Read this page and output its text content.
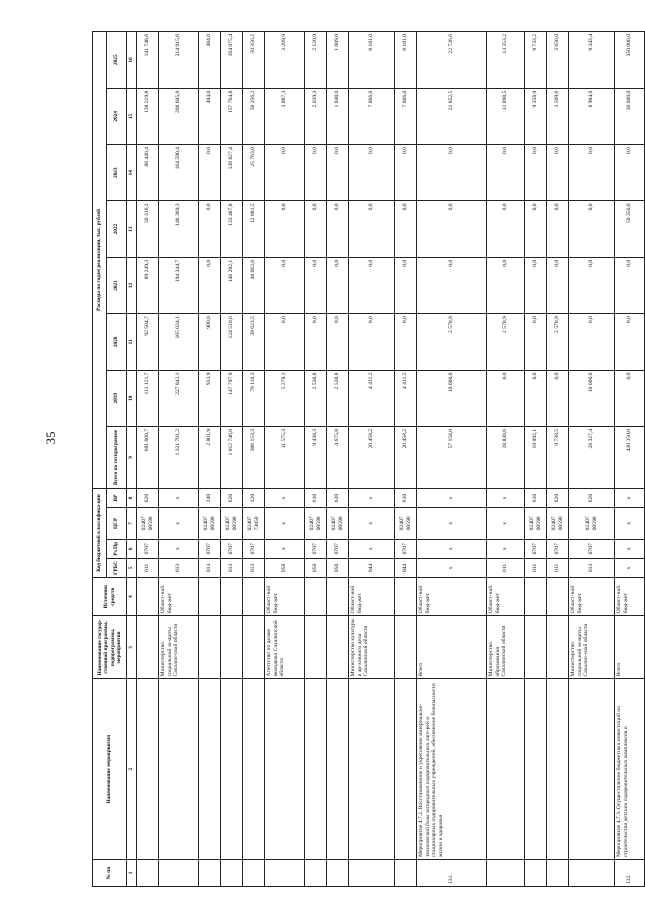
35
№ пп	Наименование мероприятия	Наименование государ-ственной программы, подпрограммы, мероприятия	Источник средств	Код бюджетной классифика-ции				Расходы по годам реализации, тыс. рублей							
				ГРБС	Рз Пр	ЦСР	ВР	Всего по госпрограмме	2019	2020	2021	2022	2023	2024	2025
1	2	3	4	5	6	7	8	9	10	11	12	13	14	15	16
				011	0707	02407 00590	620	681 600,7	111 121,7	92 504,7	89 249,3	20 316,2	88 440,4	138 219,8	141 748,6
		Министерство социальной за-щиты Сахалин-ской области	Област-ной бюд-жет	013	x	x	x	1 321 701,2	227 842,1	165 034,1	194 344,7	146 369,3	164 590,4	208 605,0	214 915,6
				013	0707	02407 00590	240	2 801,9	933,9	900,0	0,0	0,0	0,0	484,0	484,0
				013	0707	02407 00590	620	1 012 746,0	147 797,9	124 510,6	146 282,1	133 487,8	138 827,4	157 764,8	164 075,4
				013	0707	02407 73050	320	306 153,3	79 110,3	39 623,5	48 062,6	12 881,5	25 763,0	50 356,2	50 356,2
		Агентство по делам молодежи Сахалинской области	Област-ной бюд-жет	050	x	x	x	11 575,3	5 278,1	0,0	0,0	0,0	0,0	3 087,3	3 209,9
				050	0707	02407 00590	610	9 438,3	2 538,8	0,0	0,0	0,0	0,0	2 039,3	2 120,9
				050	0707	02407 00590	620	4 675,8	2 538,8	0,0	0,0	0,0	0,0	1 048,0	1 089,0
		Министерство культуры и ар-хивного дела Сахалинской области	Област-ной бюд-жет	044	x	x	x	20 458,2	4 411,2	0,0	0,0	0,0	0,0	7 866,0	8 181,0
				044	0707	02407 00590	610	20 458,2	4 411,2	0,0	0,0	0,0	0,0	7 866,0	8 181,0
131.	Мероприятие 4.7.2. Восстановление и укрепление материально-технической базы загородных оздоровительных лаге-рей и стационарных оздоровительных учреждений, обеспечение безопасности жизни и здоровья	Всего	Област-ной бюд-жет	x	x	x	x	57 158,0	10 000,0	2 578,9	0,0	0,0	0,0	21 852,5	22 726,6
		Министерство образования Сахалинской области	Област-ной бюд-жет	011	x	x	x	28 830,6	0,0	2 578,9	0,0	0,0	0,0	12 898,5	13 353,2
				011	0707	02407 00590	610	19 092,1	0,0	0,0	0,0	0,0	0,0	9 358,9	9 733,2
				011	0707	02407 00590	620	9 738,5	0,0	2 578,9	0,0	0,0	0,0	3 509,6	3 650,0
		Министерство социальной за-щиты Сахалин-ской области	Област-ной бюд-жет	013	0707	02407 00590	620	28 327,4	10 000,0	0,0	0,0	0,0	0,0	8 984,0	9 343,4
132.	Мероприятие 4.7.3. Осуществление бюджетных инвестиций на строительство детских оздоровительных комплексов и	Всего	Област-ной бюд-жет	x	x	x	x	430 350,0	0,0	0,0	0,0	50 350,0	0,0	30 000,0	350 000,0
